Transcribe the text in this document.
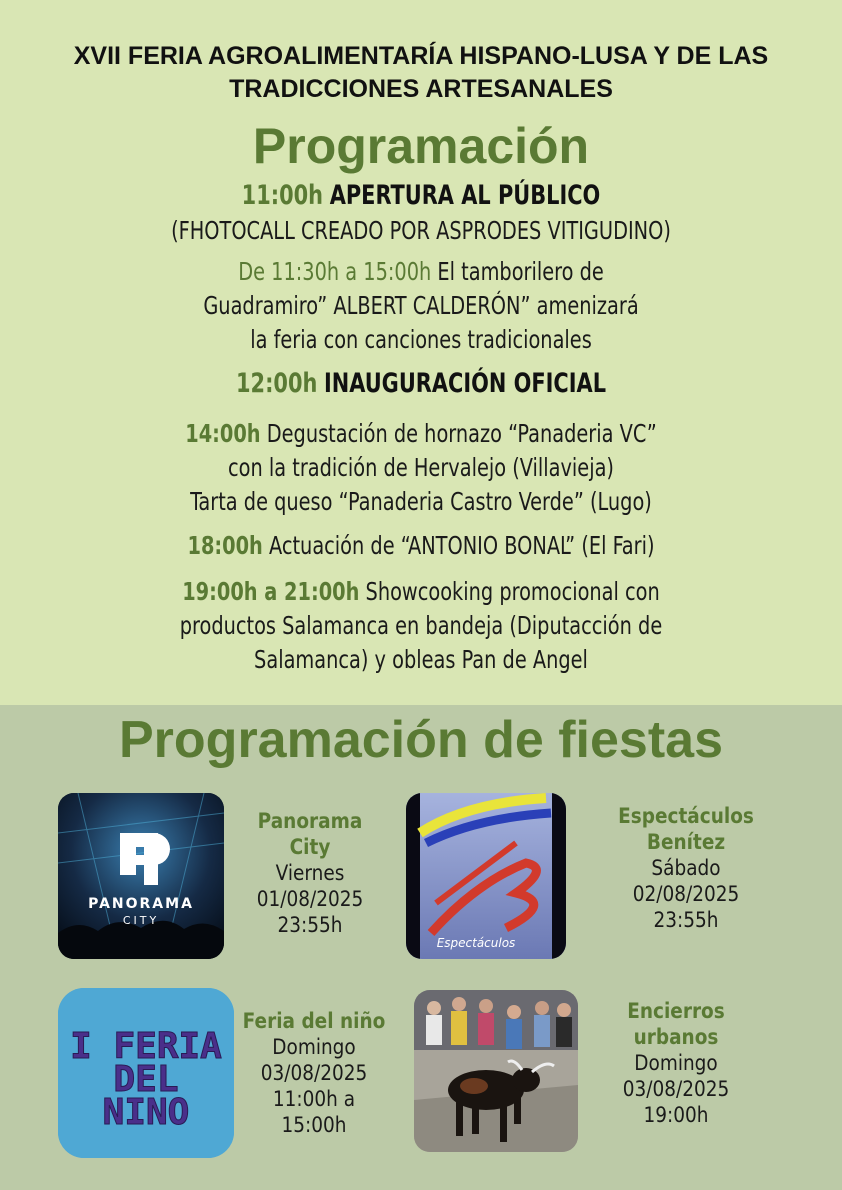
XVII FERIA AGROALIMENTARÍA HISPANO-LUSA Y DE LAS
TRADICCIONES ARTESANALES
Programación
11:00h APERTURA AL PÚBLICO
(FHOTOCALL CREADO POR ASPRODES VITIGUDINO)
De 11:30h a 15:00h El tamborilero de
Guadramiro” ALBERT CALDERÓN” amenizará
la feria con canciones tradicionales
12:00h INAUGURACIÓN OFICIAL
14:00h Degustación de hornazo “Panaderia VC”
con la tradición de Hervalejo (Villavieja)
Tarta de queso “Panaderia Castro Verde” (Lugo)
18:00h Actuación de “ANTONIO BONAL” (El Fari)
19:00h a 21:00h Showcooking promocional con
productos Salamanca en bandeja (Diputacción de
Salamanca) y obleas Pan de Angel
Programación de fiestas
PANORAMA
CITY
Panorama City
Viernes
01/08/2025
23:55h
Espectáculos
Espectáculos Benítez
Sábado
02/08/2025
23:55h
I FERIA
DEL
NINO
Feria del niño
Domingo
03/08/2025
11:00h a 15:00h
Encierros urbanos
Domingo
03/08/2025
19:00h
